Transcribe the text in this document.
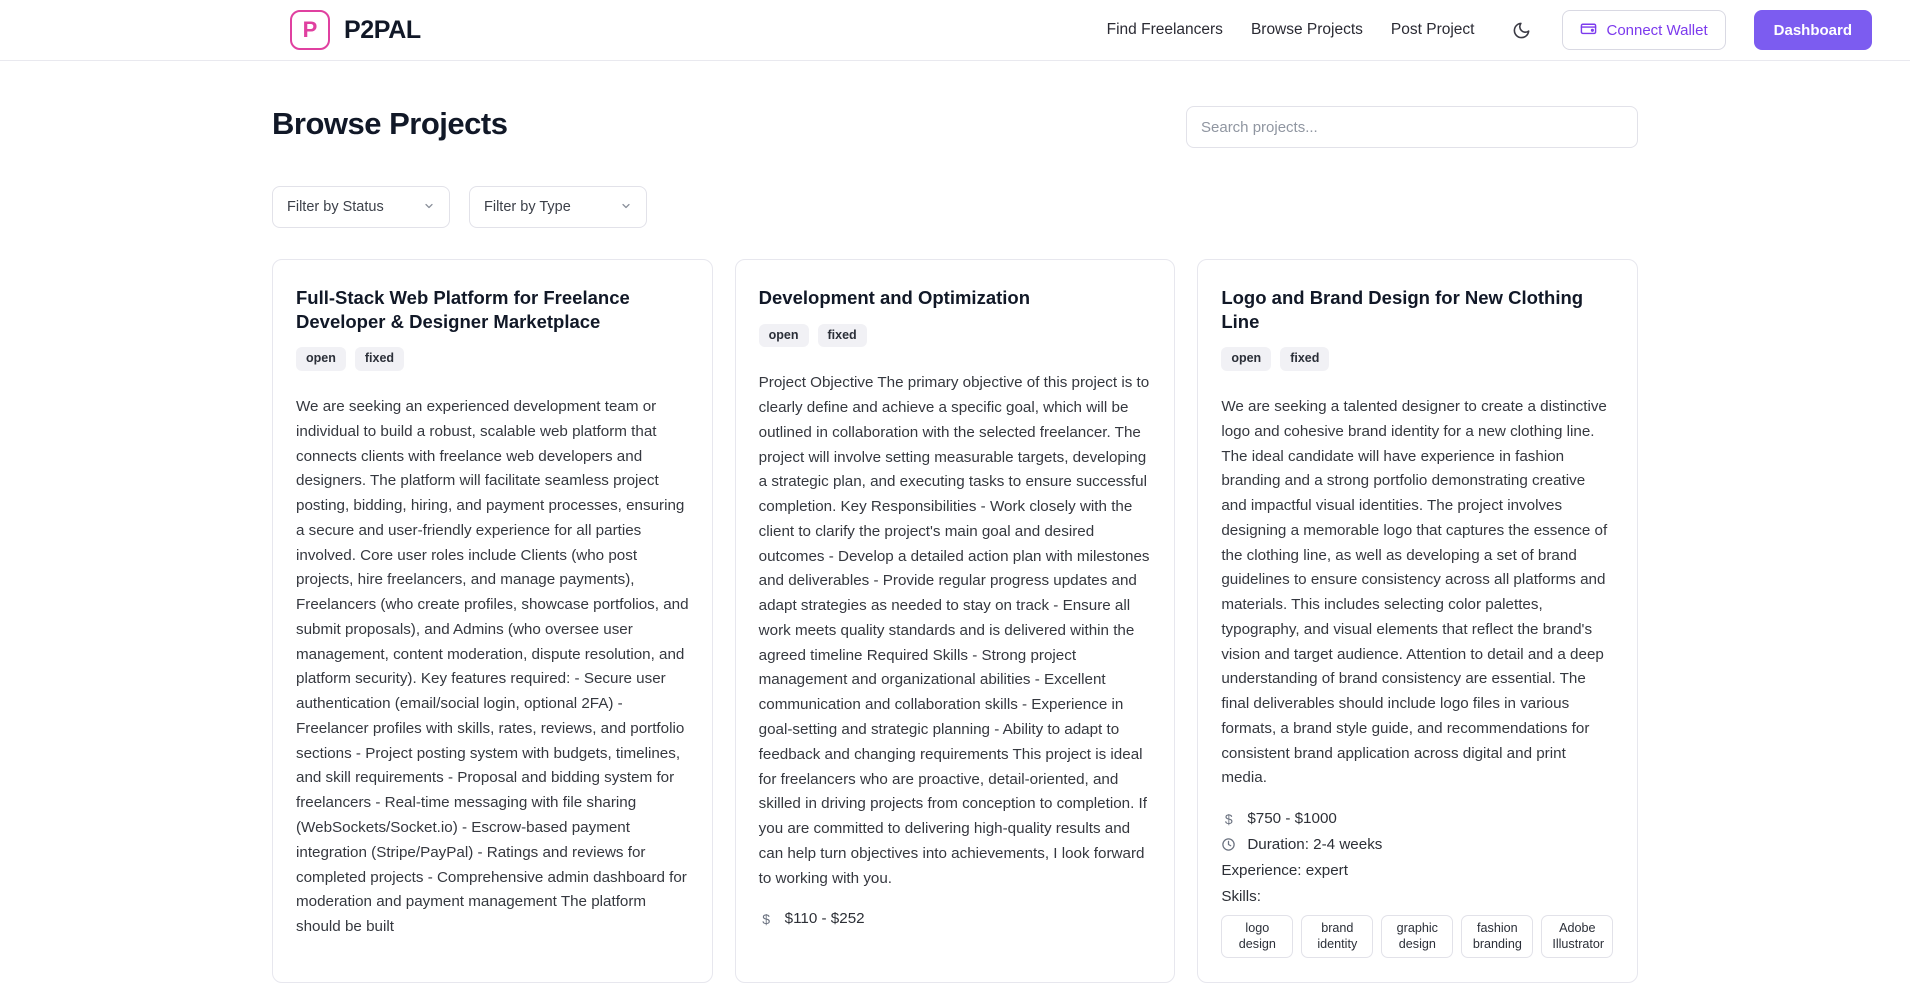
P	P2PAL	Find Freelancers Browse Projects Post Project	Connect Wallet	Dashboard
Browse Projects
Search projects...
Filter by Status	Filter by Type
Full-Stack Web Platform for Freelance Developer & Designer Marketplace
open	fixed

We are seeking an experienced development team or individual to build a robust, scalable web platform that connects clients with freelance web developers and designers. The platform will facilitate seamless project posting, bidding, hiring, and payment processes, ensuring a secure and user-friendly experience for all parties involved. Core user roles include Clients (who post projects, hire freelancers, and manage payments), Freelancers (who create profiles, showcase portfolios, and submit proposals), and Admins (who oversee user management, content moderation, dispute resolution, and platform security). Key features required: - Secure user authentication (email/social login, optional 2FA) - Freelancer profiles with skills, rates, reviews, and portfolio sections - Project posting system with budgets, timelines, and skill requirements - Proposal and bidding system for freelancers - Real-time messaging with file sharing (WebSockets/Socket.io) - Escrow-based payment integration (Stripe/PayPal) - Ratings and reviews for completed projects - Comprehensive admin dashboard for moderation and payment management The platform should be built

Development and Optimization
open	fixed

Project Objective The primary objective of this project is to clearly define and achieve a specific goal, which will be outlined in collaboration with the selected freelancer. The project will involve setting measurable targets, developing a strategic plan, and executing tasks to ensure successful completion. Key Responsibilities - Work closely with the client to clarify the project's main goal and desired outcomes - Develop a detailed action plan with milestones and deliverables - Provide regular progress updates and adapt strategies as needed to stay on track - Ensure all work meets quality standards and is delivered within the agreed timeline Required Skills - Strong project management and organizational abilities - Excellent communication and collaboration skills - Experience in goal-setting and strategic planning - Ability to adapt to feedback and changing requirements This project is ideal for freelancers who are proactive, detail-oriented, and skilled in driving projects from conception to completion. If you are committed to delivering high-quality results and can help turn objectives into achievements, I look forward to working with you.

$ $110 - $252
Logo and Brand Design for New Clothing Line
open	fixed

We are seeking a talented designer to create a distinctive logo and cohesive brand identity for a new clothing line. The ideal candidate will have experience in fashion branding and a strong portfolio demonstrating creative and impactful visual identities. The project involves designing a memorable logo that captures the essence of the clothing line, as well as developing a set of brand guidelines to ensure consistency across all platforms and materials. This includes selecting color palettes, typography, and visual elements that reflect the brand's vision and target audience. Attention to detail and a deep understanding of brand consistency are essential. The final deliverables should include logo files in various formats, a brand style guide, and recommendations for consistent brand application across digital and print media.

$ $750 - $1000
Duration: 2-4 weeks
Experience: expert
Skills:
logo design
brand identity
graphic design
fashion branding
Adobe Illustrator
